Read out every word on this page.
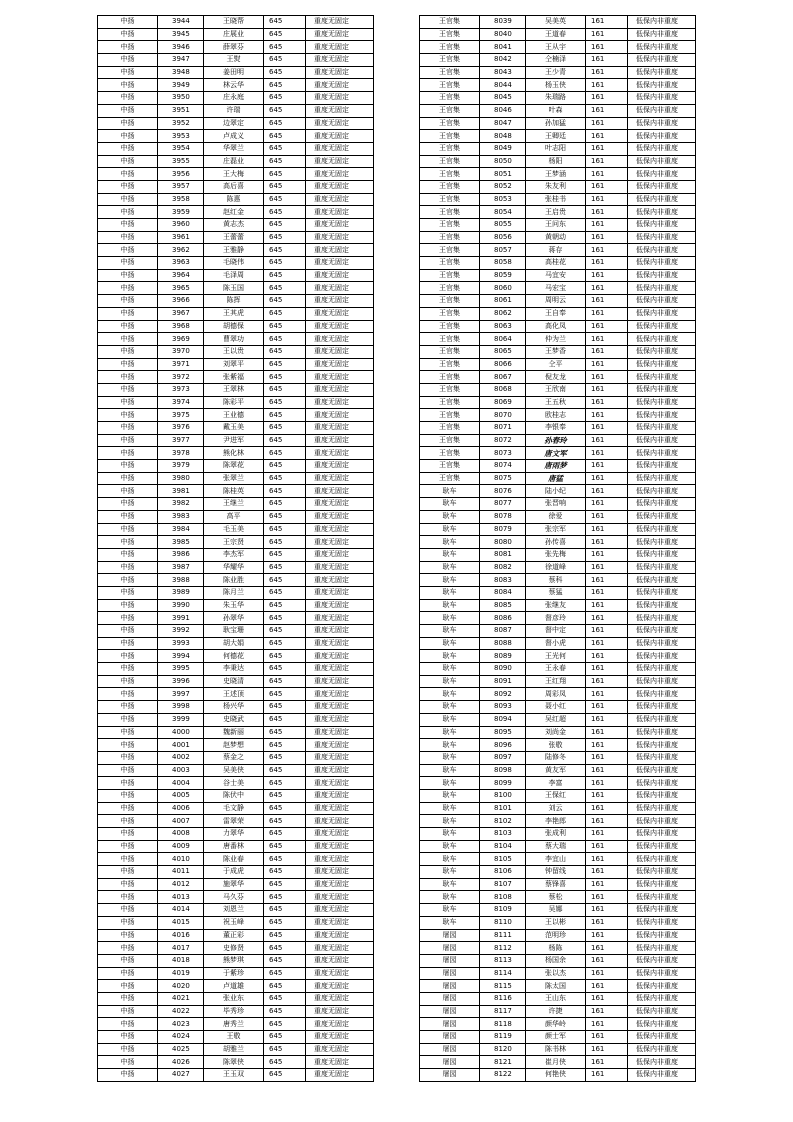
中扬	3944	王晓帮	645	重度无固定
中扬	3945	庄展业	645	重度无固定
中扬	3946	薛翠芬	645	重度无固定
中扬	3947	王熨	645	重度无固定
中扬	3948	姜田明	645	重度无固定
中扬	3949	林云华	645	重度无固定
中扬	3950	庄永庭	645	重度无固定
中扬	3951	许瑞	645	重度无固定
中扬	3952	边翠定	645	重度无固定
中扬	3953	卢成义	645	重度无固定
中扬	3954	华翠兰	645	重度无固定
中扬	3955	庄磊业	645	重度无固定
中扬	3956	王大梅	645	重度无固定
中扬	3957	高后喜	645	重度无固定
中扬	3958	陈惠	645	重度无固定
中扬	3959	赵红金	645	重度无固定
中扬	3960	黄志杰	645	重度无固定
中扬	3961	王蕾蕾	645	重度无固定
中扬	3962	王雅静	645	重度无固定
中扬	3963	毛晓伟	645	重度无固定
中扬	3964	毛泽周	645	重度无固定
中扬	3965	陈玉国	645	重度无固定
中扬	3966	陈挥	645	重度无固定
中扬	3967	王其虎	645	重度无固定
中扬	3968	胡德保	645	重度无固定
中扬	3969	曹翠功	645	重度无固定
中扬	3970	王以贵	645	重度无固定
中扬	3971	刘翠平	645	重度无固定
中扬	3972	张紫福	645	重度无固定
中扬	3973	王翠林	645	重度无固定
中扬	3974	陈彩平	645	重度无固定
中扬	3975	王业德	645	重度无固定
中扬	3976	戴玉美	645	重度无固定
中扬	3977	尹进军	645	重度无固定
中扬	3978	熊化林	645	重度无固定
中扬	3979	陈翠花	645	重度无固定
中扬	3980	张翠兰	645	重度无固定
中扬	3981	陈桂英	645	重度无固定
中扬	3982	王继兰	645	重度无固定
中扬	3983	高平	645	重度无固定
中扬	3984	毛玉美	645	重度无固定
中扬	3985	王宗贤	645	重度无固定
中扬	3986	李杰军	645	重度无固定
中扬	3987	华耀华	645	重度无固定
中扬	3988	陈业胜	645	重度无固定
中扬	3989	陈月兰	645	重度无固定
中扬	3990	朱玉华	645	重度无固定
中扬	3991	孙翠华	645	重度无固定
中扬	3992	耿宝珊	645	重度无固定
中扬	3993	胡大娟	645	重度无固定
中扬	3994	何德花	645	重度无固定
中扬	3995	李秉达	645	重度无固定
中扬	3996	史晓清	645	重度无固定
中扬	3997	王述顶	645	重度无固定
中扬	3998	杨兴华	645	重度无固定
中扬	3999	史晓武	645	重度无固定
中扬	4000	魏新丽	645	重度无固定
中扬	4001	赵梦想	645	重度无固定
中扬	4002	蔡金之	645	重度无固定
中扬	4003	吴美侠	645	重度无固定
中扬	4004	谷士美	645	重度无固定
中扬	4005	陈伏中	645	重度无固定
中扬	4006	毛文静	645	重度无固定
中扬	4007	雷翠荣	645	重度无固定
中扬	4008	力翠华	645	重度无固定
中扬	4009	唐番林	645	重度无固定
中扬	4010	陈业春	645	重度无固定
中扬	4011	于成虎	645	重度无固定
中扬	4012	施翠华	645	重度无固定
中扬	4013	马久芬	645	重度无固定
中扬	4014	刘恩兰	645	重度无固定
中扬	4015	祝玉峰	645	重度无固定
中扬	4016	董正彩	645	重度无固定
中扬	4017	史修贤	645	重度无固定
中扬	4018	熊梦琪	645	重度无固定
中扬	4019	于紫珍	645	重度无固定
中扬	4020	卢道雄	645	重度无固定
中扬	4021	张业东	645	重度无固定
中扬	4022	毕秀珍	645	重度无固定
中扬	4023	唐秀兰	645	重度无固定
中扬	4024	王敬	645	重度无固定
中扬	4025	胡雅兰	645	重度无固定
中扬	4026	陈翠侠	645	重度无固定
中扬	4027	王玉双	645	重度无固定
王官集	8039	吴美英	161	低保内非重度
王官集	8040	王道春	161	低保内非重度
王官集	8041	王从宇	161	低保内非重度
王官集	8042	仝楠泽	161	低保内非重度
王官集	8043	王少青	161	低保内非重度
王官集	8044	杨玉侠	161	低保内非重度
王官集	8045	朱瑞路	161	低保内非重度
王官集	8046	叶森	161	低保内非重度
王官集	8047	孙加猛	161	低保内非重度
王官集	8048	王卿廷	161	低保内非重度
王官集	8049	叶志阳	161	低保内非重度
王官集	8050	杨阳	161	低保内非重度
王官集	8051	王梦涵	161	低保内非重度
王官集	8052	朱友利	161	低保内非重度
王官集	8053	张桂书	161	低保内非重度
王官集	8054	王启贵	161	低保内非重度
王官集	8055	王问东	161	低保内非重度
王官集	8056	黄朝动	161	低保内非重度
王官集	8057	蒋存	161	低保内非重度
王官集	8058	高桂花	161	低保内非重度
王官集	8059	马宜安	161	低保内非重度
王官集	8060	马宏宝	161	低保内非重度
王官集	8061	周明云	161	低保内非重度
王官集	8062	王自奉	161	低保内非重度
王官集	8063	高化凤	161	低保内非重度
王官集	8064	仲为兰	161	低保内非重度
王官集	8065	王梦香	161	低保内非重度
王官集	8066	仝平	161	低保内非重度
王官集	8067	倪友龙	161	低保内非重度
王官集	8068	王欣南	161	低保内非重度
王官集	8069	王五秋	161	低保内非重度
王官集	8070	欧桂志	161	低保内非重度
王官集	8071	李银奉	161	低保内非重度
王官集	8072	孙春玲	161	低保内非重度
王官集	8073	唐文军	161	低保内非重度
王官集	8074	唐雨梦	161	低保内非重度
王官集	8075	唐猛	161	低保内非重度
耿车	8076	陆小纪	161	低保内非重度
耿车	8077	张晋响	161	低保内非重度
耿车	8078	徐爱	161	低保内非重度
耿车	8079	张宗军	161	低保内非重度
耿车	8080	孙传喜	161	低保内非重度
耿车	8081	张先梅	161	低保内非重度
耿车	8082	徐道峰	161	低保内非重度
耿车	8083	蔡科	161	低保内非重度
耿车	8084	蔡猛	161	低保内非重度
耿车	8085	张继友	161	低保内非重度
耿车	8086	督彦玲	161	低保内非重度
耿车	8087	督中定	161	低保内非重度
耿车	8088	督小虎	161	低保内非重度
耿车	8089	王光何	161	低保内非重度
耿车	8090	王永春	161	低保内非重度
耿车	8091	王红翔	161	低保内非重度
耿车	8092	周彩凤	161	低保内非重度
耿车	8093	聂小红	161	低保内非重度
耿车	8094	吴红超	161	低保内非重度
耿车	8095	刘尚金	161	低保内非重度
耿车	8096	张敬	161	低保内非重度
耿车	8097	陆修冬	161	低保内非重度
耿车	8098	黄友军	161	低保内非重度
耿车	8099	李富	161	低保内非重度
耿车	8100	王保红	161	低保内非重度
耿车	8101	刘云	161	低保内非重度
耿车	8102	李艳郎	161	低保内非重度
耿车	8103	张成利	161	低保内非重度
耿车	8104	蔡大瑞	161	低保内非重度
耿车	8105	李宜山	161	低保内非重度
耿车	8106	钟留线	161	低保内非重度
耿车	8107	蔡锋喜	161	低保内非重度
耿车	8108	蔡松	161	低保内非重度
耿车	8109	吴娜	161	低保内非重度
耿车	8110	王以彬	161	低保内非重度
屠园	8111	范明珍	161	低保内非重度
屠园	8112	杨陈	161	低保内非重度
屠园	8113	杨国余	161	低保内非重度
屠园	8114	张以杰	161	低保内非重度
屠园	8115	陈太国	161	低保内非重度
屠园	8116	王山东	161	低保内非重度
屠园	8117	许捷	161	低保内非重度
屠园	8118	颜华岭	161	低保内非重度
屠园	8119	颜士军	161	低保内非重度
屠园	8120	陈书林	161	低保内非重度
屠园	8121	崔月侠	161	低保内非重度
屠园	8122	何艳侠	161	低保内非重度
